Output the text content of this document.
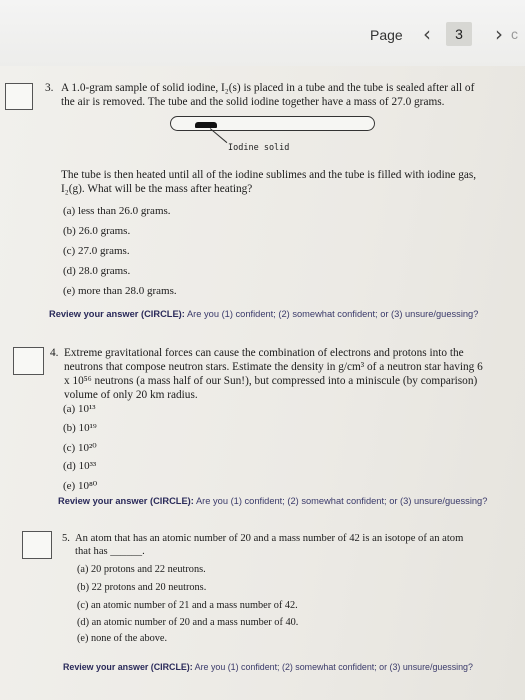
Page	‹	3	› c
3. A 1.0-gram sample of solid iodine, I₂(s) is placed in a tube and the tube is sealed after all of
the air is removed. The tube and the solid iodine together have a mass of 27.0 grams.
Iodine solid
The tube is then heated until all of the iodine sublimes and the tube is filled with iodine gas,
I₂(g). What will be the mass after heating?
(a) less than 26.0 grams.
(b) 26.0 grams.
(c) 27.0 grams.
(d) 28.0 grams.
(e) more than 28.0 grams.
Review your answer (CIRCLE): Are you (1) confident; (2) somewhat confident; or (3) unsure/guessing?
4. Extreme gravitational forces can cause the combination of electrons and protons into the
neutrons that compose neutron stars. Estimate the density in g/cm³ of a neutron star having 6
x 10⁵⁶ neutrons (a mass half of our Sun!), but compressed into a miniscule (by comparison)
volume of only 20 km radius.
(a) 10¹³
(b) 10¹⁹
(c) 10²⁰
(d) 10³³
(e) 10⁸⁰
Review your answer (CIRCLE): Are you (1) confident; (2) somewhat confident; or (3) unsure/guessing?
5. An atom that has an atomic number of 20 and a mass number of 42 is an isotope of an atom
that has ______.
(a) 20 protons and 22 neutrons.
(b) 22 protons and 20 neutrons.
(c) an atomic number of 21 and a mass number of 42.
(d) an atomic number of 20 and a mass number of 40.
(e) none of the above.
Review your answer (CIRCLE): Are you (1) confident; (2) somewhat confident; or (3) unsure/guessing?
